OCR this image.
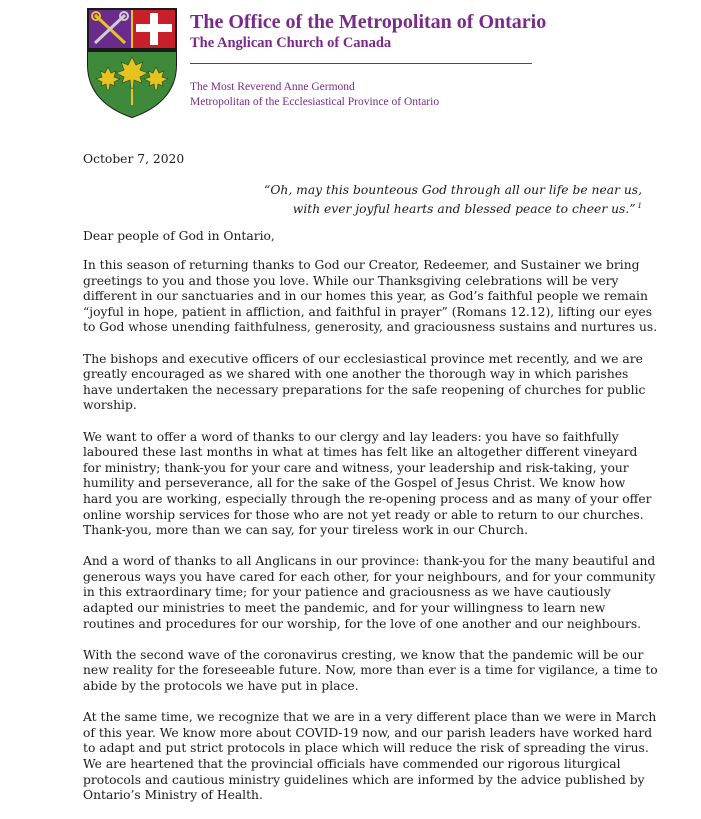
The Office of the Metropolitan of Ontario
The Anglican Church of Canada
The Most Reverend Anne Germond
Metropolitan of the Ecclesiastical Province of Ontario
October 7, 2020
“Oh, may this bounteous God through all our life be near us,
with ever joyful hearts and blessed peace to cheer us.” $^1$
Dear people of God in Ontario,

In this season of returning thanks to God our Creator, Redeemer, and Sustainer we bring greetings to you and those you love. While our Thanksgiving celebrations will be very different in our sanctuaries and in our homes this year, as God’s faithful people we remain “joyful in hope, patient in affliction, and faithful in prayer” (Romans 12.12), lifting our eyes to God whose unending faithfulness, generosity, and graciousness sustains and nurtures us.

The bishops and executive officers of our ecclesiastical province met recently, and we are greatly encouraged as we shared with one another the thorough way in which parishes have undertaken the necessary preparations for the safe reopening of churches for public worship.

We want to offer a word of thanks to our clergy and lay leaders: you have so faithfully laboured these last months in what at times has felt like an altogether different vineyard for ministry; thank-you for your care and witness, your leadership and risk-taking, your humility and perseverance, all for the sake of the Gospel of Jesus Christ. We know how hard you are working, especially through the re-opening process and as many of your offer online worship services for those who are not yet ready or able to return to our churches. Thank-you, more than we can say, for your tireless work in our Church.

And a word of thanks to all Anglicans in our province: thank-you for the many beautiful and generous ways you have cared for each other, for your neighbours, and for your community in this extraordinary time; for your patience and graciousness as we have cautiously adapted our ministries to meet the pandemic, and for your willingness to learn new routines and procedures for our worship, for the love of one another and our neighbours.

With the second wave of the coronavirus cresting, we know that the pandemic will be our new reality for the foreseeable future. Now, more than ever is a time for vigilance, a time to abide by the protocols we have put in place.

At the same time, we recognize that we are in a very different place than we were in March of this year. We know more about COVID-19 now, and our parish leaders have worked hard to adapt and put strict protocols in place which will reduce the risk of spreading the virus. We are heartened that the provincial officials have commended our rigorous liturgical protocols and cautious ministry guidelines which are informed by the advice published by Ontario’s Ministry of Health.
